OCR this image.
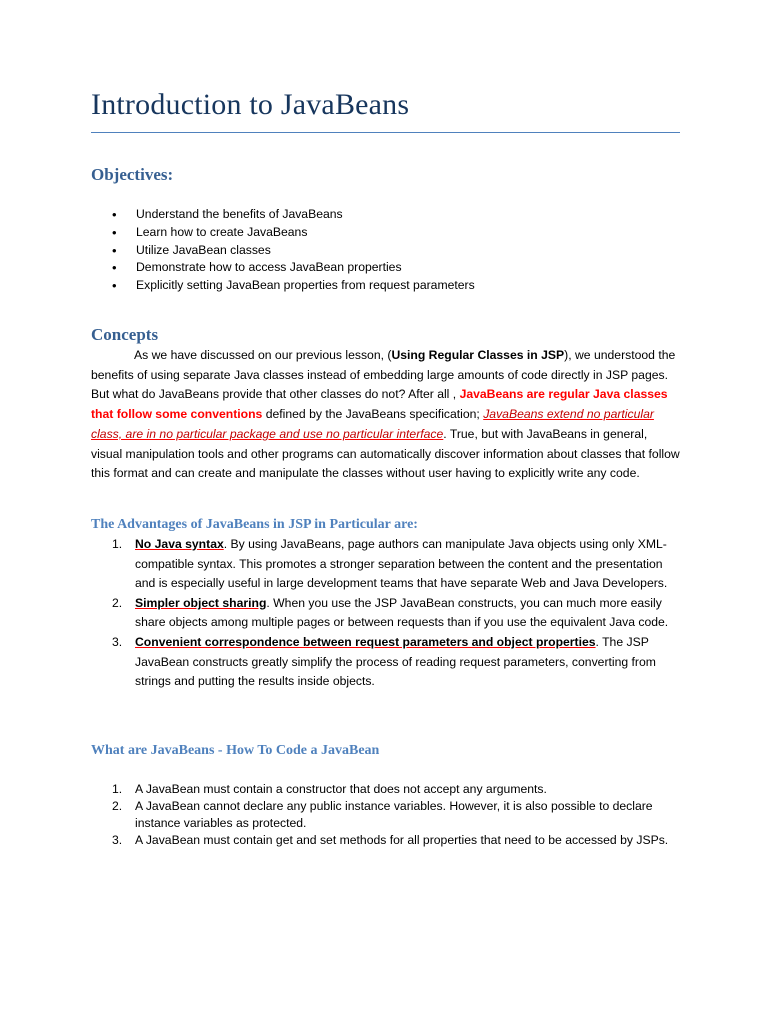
Introduction to JavaBeans
Objectives:
• Understand the benefits of JavaBeans
• Learn how to create JavaBeans
• Utilize JavaBean classes
• Demonstrate how to access JavaBean properties
• Explicitly setting JavaBean properties from request parameters
Concepts

As we have discussed on our previous lesson, (Using Regular Classes in JSP), we understood the benefits of using separate Java classes instead of embedding large amounts of code directly in JSP pages. But what do JavaBeans provide that other classes do not? After all , JavaBeans are regular Java classes that follow some conventions defined by the JavaBeans specification; JavaBeans extend no particular class, are in no particular package and use no particular interface. True, but with JavaBeans in general, visual manipulation tools and other programs can automatically discover information about classes that follow this format and can create and manipulate the classes without user having to explicitly write any code.

The Advantages of JavaBeans in JSP in Particular are:
1. No Java syntax. By using JavaBeans, page authors can manipulate Java objects using only XML-compatible syntax. This promotes a stronger separation between the content and the presentation and is especially useful in large development teams that have separate Web and Java Developers.
2. Simpler object sharing. When you use the JSP JavaBean constructs, you can much more easily share objects among multiple pages or between requests than if you use the equivalent Java code.
3. Convenient correspondence between request parameters and object properties. The JSP JavaBean constructs greatly simplify the process of reading request parameters, converting from strings and putting the results inside objects.
What are JavaBeans - How To Code a JavaBean
1. A JavaBean must contain a constructor that does not accept any arguments.
2. A JavaBean cannot declare any public instance variables. However, it is also possible to declare instance variables as protected.
3. A JavaBean must contain get and set methods for all properties that need to be accessed by JSPs.
